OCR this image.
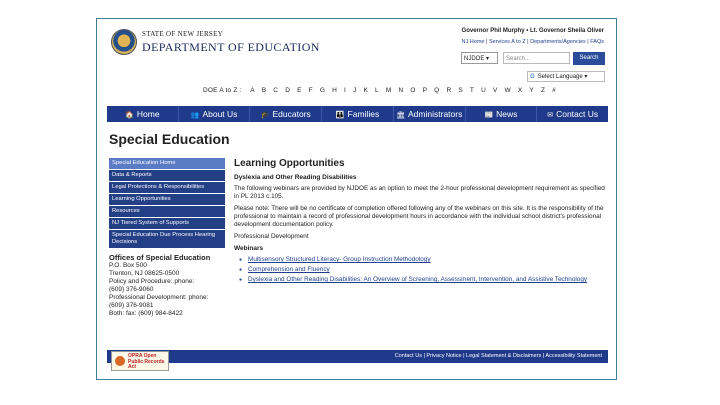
STATE OF NEW JERSEY
DEPARTMENT OF EDUCATION
Governor Phil Murphy • Lt. Governor Sheila Oliver
NJ Home | Services A to Z | Departments/Agencies | FAQs
NJDOE ▾	Search...	Search
G Select Language ▾
DOE A to Z : A B C D E F G H I J K L M N O P Q R S T U V W X Y Z #
🏠 Home	👥 About Us	🎓 Educators	👪 Families	🏛 Administrators	📰 News	✉ Contact Us
Special Education
Special Education Home
Data & Reports
Legal Protections & Responsibilities
Learning Opportunities
Resources
NJ Tiered System of Supports
Special Education Due Process Hearing Decisions
Offices of Special Education
P.O. Box 500
Trenton, NJ 08625-0500
Policy and Procedure: phone:
(609) 376-9060
Professional Development: phone:
(609) 376-9081
Both: fax: (609) 984-8422
Learning Opportunities
Dyslexia and Other Reading Disabilities
The following webinars are provided by NJDOE as an option to meet the 2-hour professional development requirement as specified in PL 2013 c.105.
Please note: There will be no certificate of completion offered following any of the webinars on this site. It is the responsibility of the professional to maintain a record of professional development hours in accordance with the individual school district's professional development documentation policy.
Professional Development
Webinars
● Multisensory Structured Literacy- Group Instruction Methodology
● Comprehension and Fluency
● Dyslexia and Other Reading Disabilities: An Overview of Screening, Assessment, Intervention, and Assistive Technology
Contact Us | Privacy Notice | Legal Statement & Disclaimers | Accessibility Statement
OPRA Open Public Records Act
